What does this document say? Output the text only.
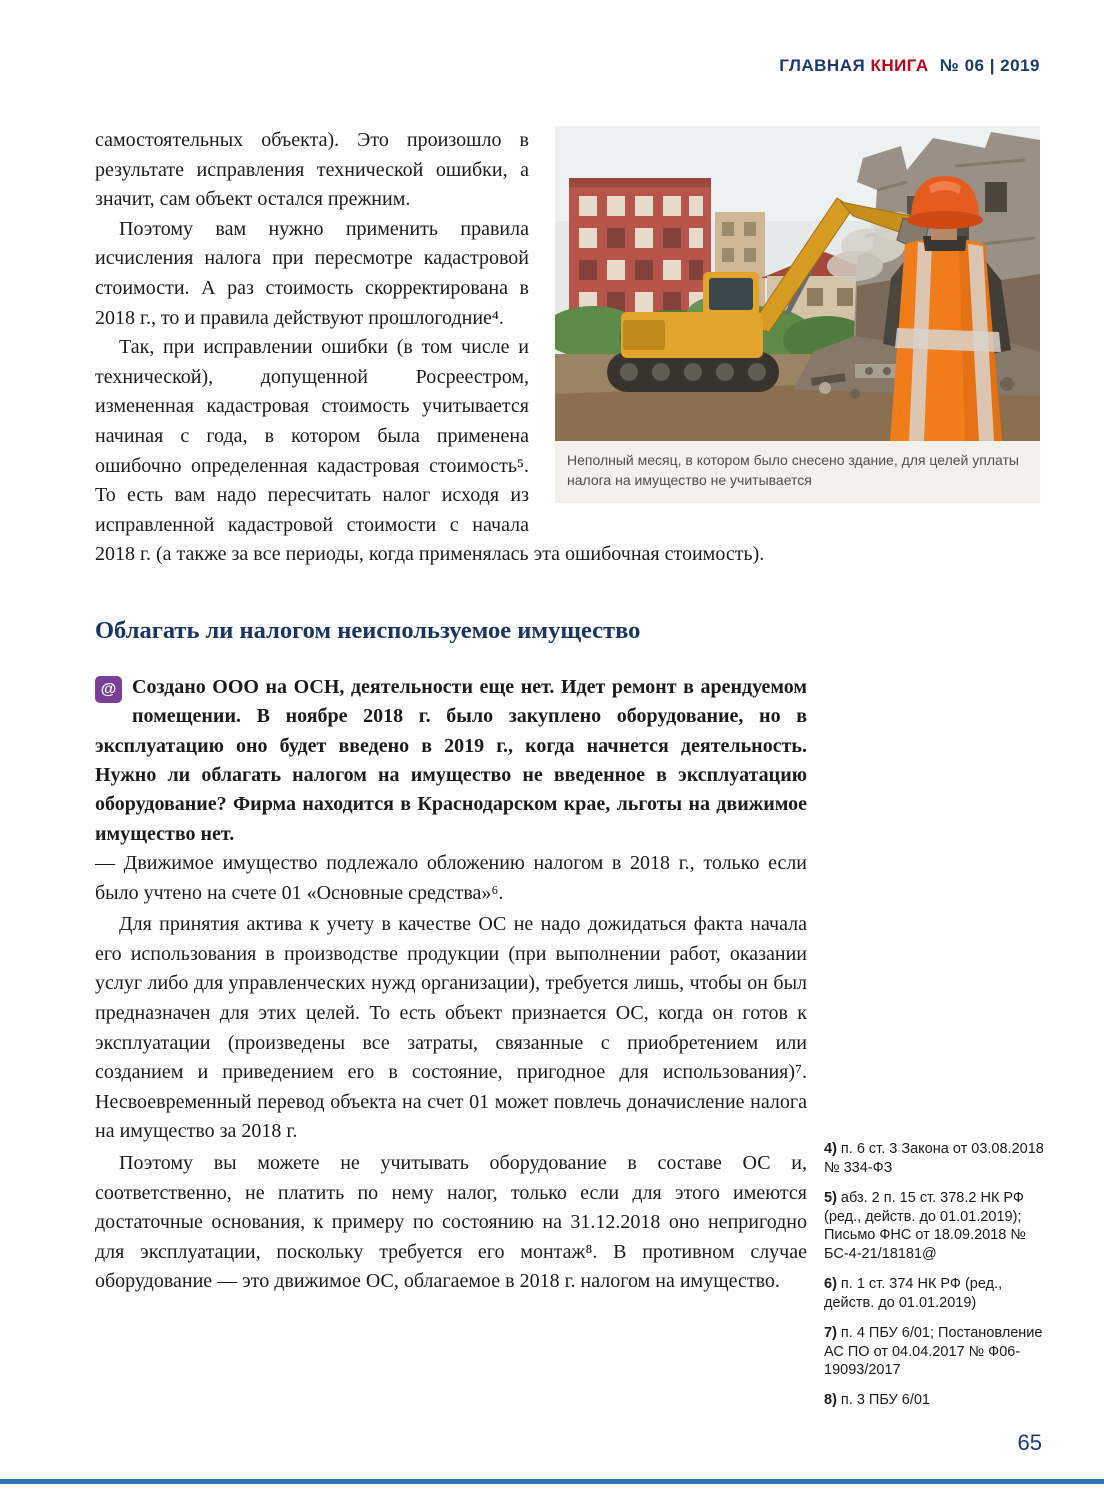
ГЛАВНАЯ КНИГА № 06 | 2019
Неполный месяц, в котором было снесено здание, для целей уплаты налога на имущество не учитывается

самостоятельных объекта). Это произошло в результате исправления технической ошибки, а значит, сам объект остался прежним.

Поэтому вам нужно применить правила исчисления налога при пересмотре кадастровой стоимости. А раз стоимость скорректирована в 2018 г., то и правила действуют прошлогодние⁴.

Так, при исправлении ошибки (в том числе и технической), допущенной Росреестром, измененная кадастровая стоимость учитывается начиная с года, в котором была применена ошибочно определенная кадастровая стоимость⁵. То есть вам надо пересчитать налог исходя из исправленной кадастровой стоимости с начала 2018 г. (а также за все периоды, когда применялась эта ошибочная стоимость).

Облагать ли налогом неиспользуемое имущество

@ Создано ООО на ОСН, деятельности еще нет. Идет ремонт в арендуемом помещении. В ноябре 2018 г. было закуплено оборудование, но в эксплуатацию оно будет введено в 2019 г., когда начнется деятельность. Нужно ли облагать налогом на имущество не введенное в эксплуатацию оборудование? Фирма находится в Краснодарском крае, льготы на движимое имущество нет.

— Движимое имущество подлежало обложению налогом в 2018 г., только если было учтено на счете 01 «Основные средства»⁶.

Для принятия актива к учету в качестве ОС не надо дожидаться факта начала его использования в производстве продукции (при выполнении работ, оказании услуг либо для управленческих нужд организации), требуется лишь, чтобы он был предназначен для этих целей. То есть объект признается ОС, когда он готов к эксплуатации (произведены все затраты, связанные с приобретением или созданием и приведением его в состояние, пригодное для использования)⁷. Несвоевременный перевод объекта на счет 01 может повлечь доначисление налога на имущество за 2018 г.

Поэтому вы можете не учитывать оборудование в составе ОС и, соответственно, не платить по нему налог, только если для этого имеются достаточные основания, к примеру по состоянию на 31.12.2018 оно непригодно для эксплуатации, поскольку требуется его монтаж⁸. В противном случае оборудование — это движимое ОС, облагаемое в 2018 г. налогом на имущество.

4) п. 6 ст. 3 Закона от 03.08.2018 № 334-ФЗ
5) абз. 2 п. 15 ст. 378.2 НК РФ (ред., действ. до 01.01.2019); Письмо ФНС от 18.09.2018 № БС-4-21/18181@
6) п. 1 ст. 374 НК РФ (ред., действ. до 01.01.2019)
7) п. 4 ПБУ 6/01; Постановление АС ПО от 04.04.2017 № Ф06-19093/2017
8) п. 3 ПБУ 6/01
65
